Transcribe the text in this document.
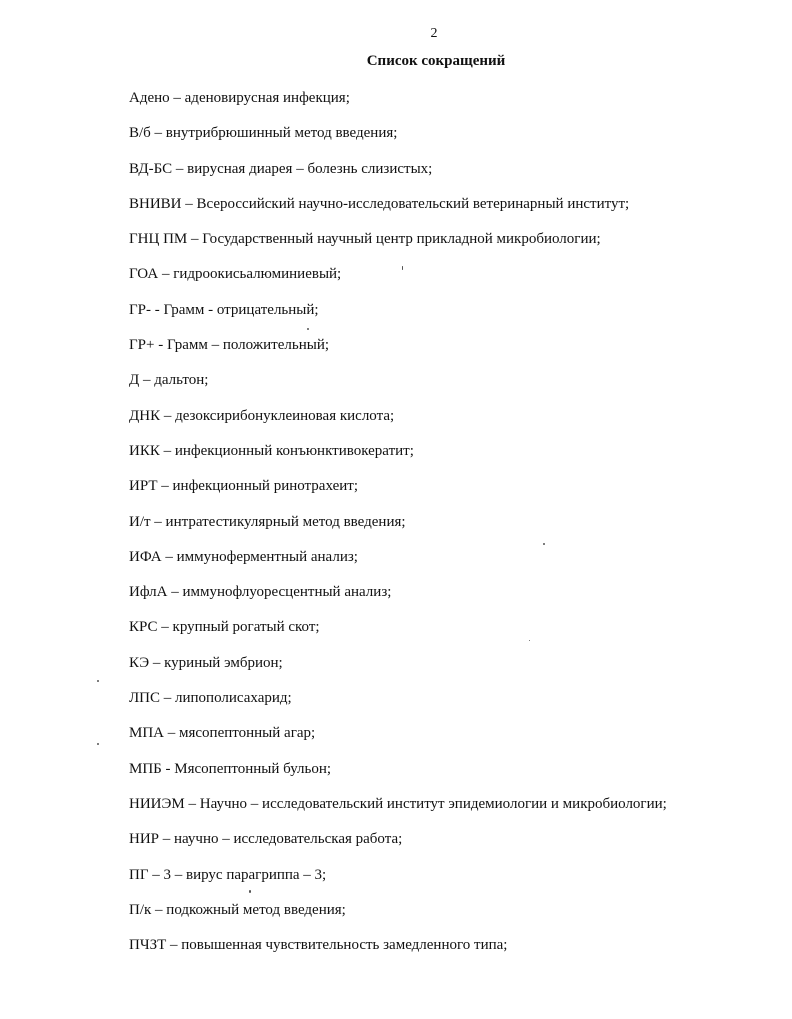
2
Список сокращений
Адено – аденовирусная инфекция;
В/б – внутрибрюшинный метод введения;
ВД-БС – вирусная диарея – болезнь слизистых;
ВНИВИ – Всероссийский научно-исследовательский ветеринарный институт;
ГНЦ ПМ – Государственный научный центр прикладной микробиологии;
ГОА – гидроокисьалюминиевый;
ГР- - Грамм - отрицательный;
ГР+ - Грамм – положительный;
Д – дальтон;
ДНК – дезоксирибонуклеиновая кислота;
ИКК – инфекционный конъюнктивокератит;
ИРТ – инфекционный ринотрахеит;
И/т – интратестикулярный метод введения;
ИФА – иммуноферментный анализ;
ИфлА – иммунофлуоресцентный анализ;
КРС – крупный рогатый скот;
КЭ – куриный эмбрион;
ЛПС – липополисахарид;
МПА – мясопептонный агар;
МПБ - Мясопептонный бульон;
НИИЭМ – Научно – исследовательский институт эпидемиологии и микробиологии;
НИР – научно – исследовательская работа;
ПГ – 3 – вирус парагриппа – 3;
П/к – подкожный метод введения;
ПЧЗТ – повышенная чувствительность замедленного типа;
